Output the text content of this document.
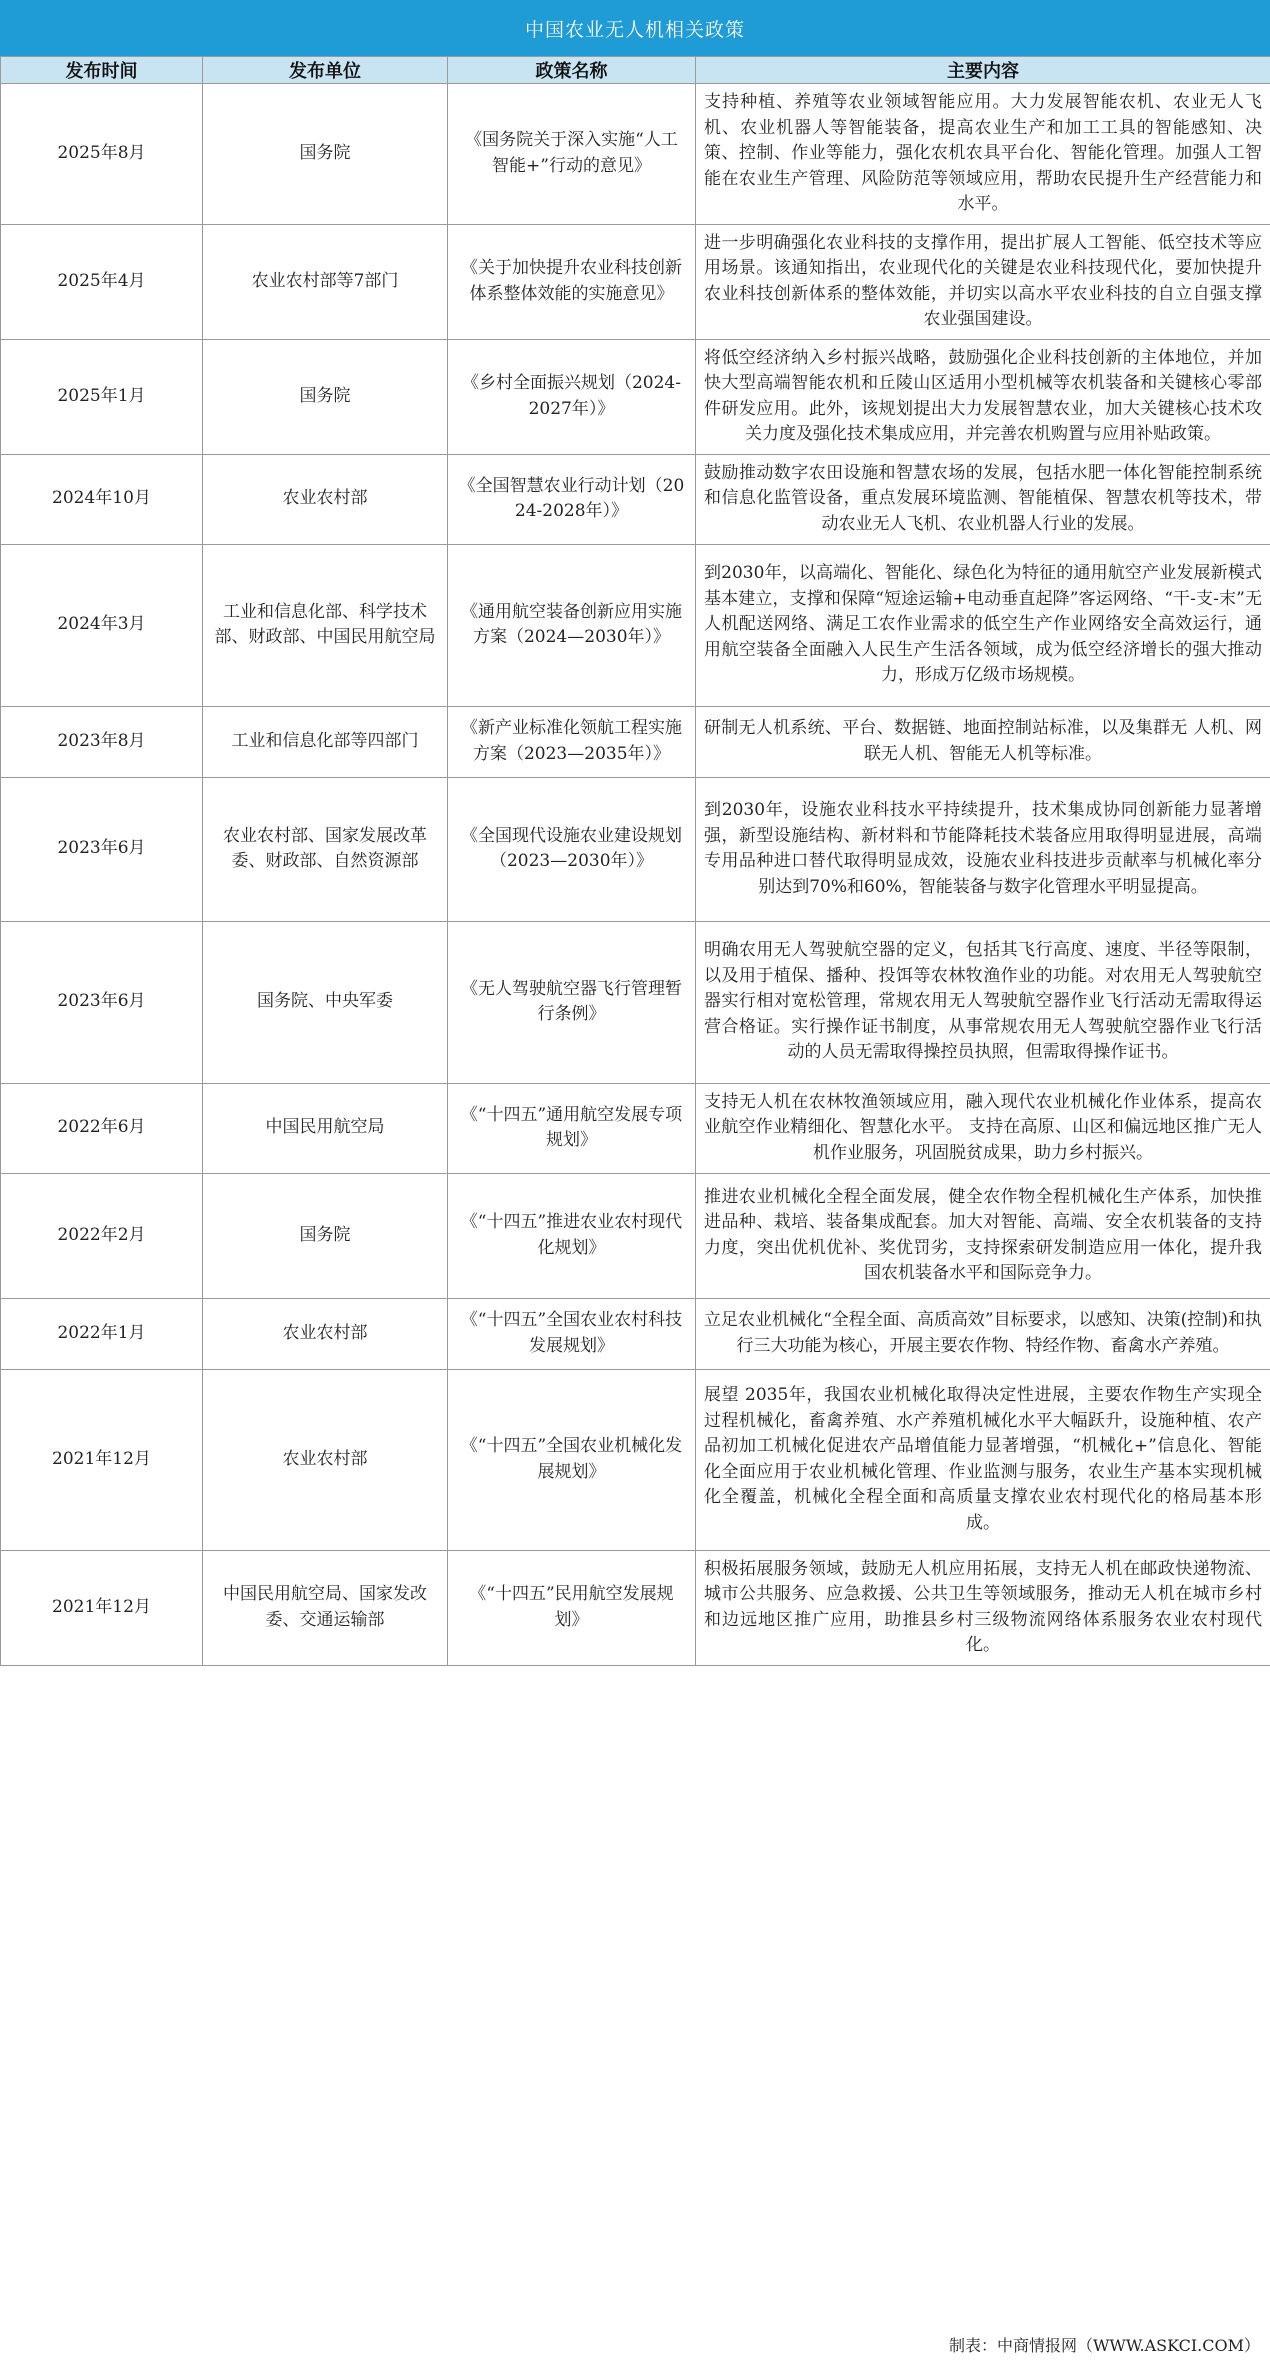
中国农业无人机相关政策
发布时间	发布单位	政策名称	主要内容
2025年8月	国务院	《国务院关于深入实施“人工智能+”行动的意见》	支持种植、养殖等农业领域智能应用。大力发展智能农机、农业无人飞机、农业机器人等智能装备，提高农业生产和加工工具的智能感知、决策、控制、作业等能力，强化农机农具平台化、智能化管理。加强人工智能在农业生产管理、风险防范等领域应用，帮助农民提升生产经营能力和水平。
2025年4月	农业农村部等7部门	《关于加快提升农业科技创新体系整体效能的实施意见》	进一步明确强化农业科技的支撑作用，提出扩展人工智能、低空技术等应用场景。该通知指出，农业现代化的关键是农业科技现代化，要加快提升农业科技创新体系的整体效能，并切实以高水平农业科技的自立自强支撑农业强国建设。
2025年1月	国务院	《乡村全面振兴规划（2024-2027年）》	将低空经济纳入乡村振兴战略，鼓励强化企业科技创新的主体地位，并加快大型高端智能农机和丘陵山区适用小型机械等农机装备和关键核心零部件研发应用。此外，该规划提出大力发展智慧农业，加大关键核心技术攻关力度及强化技术集成应用，并完善农机购置与应用补贴政策。
2024年10月	农业农村部	《全国智慧农业行动计划（2024-2028年）》	鼓励推动数字农田设施和智慧农场的发展，包括水肥一体化智能控制系统和信息化监管设备，重点发展环境监测、智能植保、智慧农机等技术，带动农业无人飞机、农业机器人行业的发展。
2024年3月	工业和信息化部、科学技术部、财政部、中国民用航空局	《通用航空装备创新应用实施方案（2024—2030年）》	到2030年，以高端化、智能化、绿色化为特征的通用航空产业发展新模式基本建立，支撑和保障“短途运输+电动垂直起降”客运网络、“干-支-末”无人机配送网络、满足工农作业需求的低空生产作业网络安全高效运行，通用航空装备全面融入人民生产生活各领域，成为低空经济增长的强大推动力，形成万亿级市场规模。
2023年8月	工业和信息化部等四部门	《新产业标准化领航工程实施方案（2023—2035年）》	研制无人机系统、平台、数据链、地面控制站标准，以及集群无 人机、网联无人机、智能无人机等标准。
2023年6月	农业农村部、国家发展改革委、财政部、自然资源部	《全国现代设施农业建设规划（2023—2030年）》	到2030年，设施农业科技水平持续提升，技术集成协同创新能力显著增强，新型设施结构、新材料和节能降耗技术装备应用取得明显进展，高端专用品种进口替代取得明显成效，设施农业科技进步贡献率与机械化率分别达到70%和60%，智能装备与数字化管理水平明显提高。
2023年6月	国务院、中央军委	《无人驾驶航空器飞行管理暂行条例》	明确农用无人驾驶航空器的定义，包括其飞行高度、速度、半径等限制，以及用于植保、播种、投饵等农林牧渔作业的功能。对农用无人驾驶航空器实行相对宽松管理，常规农用无人驾驶航空器作业飞行活动无需取得运营合格证。实行操作证书制度，从事常规农用无人驾驶航空器作业飞行活动的人员无需取得操控员执照，但需取得操作证书。
2022年6月	中国民用航空局	《“十四五”通用航空发展专项规划》	支持无人机在农林牧渔领域应用，融入现代农业机械化作业体系，提高农业航空作业精细化、智慧化水平。 支持在高原、山区和偏远地区推广无人机作业服务，巩固脱贫成果，助力乡村振兴。
2022年2月	国务院	《“十四五”推进农业农村现代化规划》	推进农业机械化全程全面发展，健全农作物全程机械化生产体系，加快推进品种、栽培、装备集成配套。加大对智能、高端、安全农机装备的支持力度，突出优机优补、奖优罚劣，支持探索研发制造应用一体化，提升我国农机装备水平和国际竞争力。
2022年1月	农业农村部	《“十四五”全国农业农村科技发展规划》	立足农业机械化“全程全面、高质高效”目标要求，以感知、决策(控制)和执行三大功能为核心，开展主要农作物、特经作物、畜禽水产养殖。
2021年12月	农业农村部	《“十四五”全国农业机械化发展规划》	展望 2035年，我国农业机械化取得决定性进展，主要农作物生产实现全过程机械化，畜禽养殖、水产养殖机械化水平大幅跃升，设施种植、农产品初加工机械化促进农产品增值能力显著增强，“机械化+”信息化、智能化全面应用于农业机械化管理、作业监测与服务，农业生产基本实现机械化全覆盖，机械化全程全面和高质量支撑农业农村现代化的格局基本形成。
2021年12月	中国民用航空局、国家发改委、交通运输部	《“十四五”民用航空发展规划》	积极拓展服务领域，鼓励无人机应用拓展，支持无人机在邮政快递物流、城市公共服务、应急救援、公共卫生等领域服务，推动无人机在城市乡村和边远地区推广应用，助推县乡村三级物流网络体系服务农业农村现代化。
制表：中商情报网（WWW.ASKCI.COM）
